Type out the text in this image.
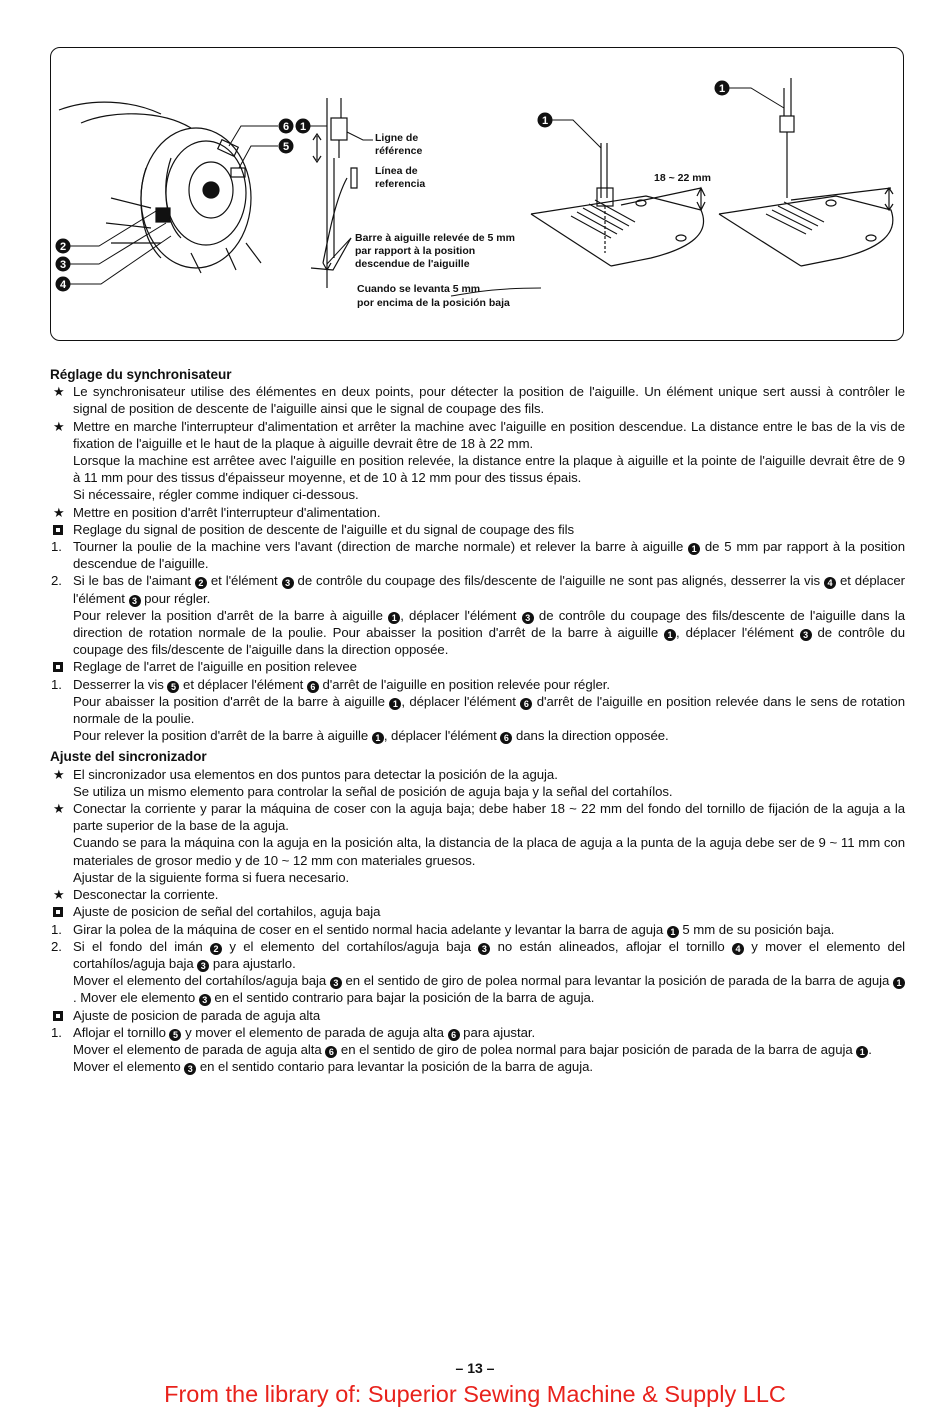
2
3
4
6
5
1
Ligne de
référence
Línea de
referencia
Barre à aiguille relevée de 5 mm
par rapport à la position
descendue de l'aiguille
Cuando se levanta 5 mm
por encima de la posición baja
1
1
18 ~ 22 mm

Réglage du synchronisateur

★ Le synchronisateur utilise des élémentes en deux points, pour détecter la position de l'aiguille. Un élément unique sert aussi à contrôler le signal de position de descente de l'aiguille ainsi que le signal de coupage des fils.

★ Mettre en marche l'interrupteur d'alimentation et arrêter la machine avec l'aiguille en position descendue. La distance entre le bas de la vis de fixation de l'aiguille et le haut de la plaque à aiguille devrait être de 18 à 22 mm.

Lorsque la machine est arrêtee avec l'aiguille en position relevée, la distance entre la plaque à aiguille et la pointe de l'aiguille devrait être de 9 à 11 mm pour des tissus d'épaisseur moyenne, et de 10 à 12 mm pour des tissus épais.

Si nécessaire, régler comme indiquer ci-dessous.

★ Mettre en position d'arrêt l'interrupteur d'alimentation.

Reglage du signal de position de descente de l'aiguille et du signal de coupage des fils

1. Tourner la poulie de la machine vers l'avant (direction de marche normale) et relever la barre à aiguille 1 de 5 mm par rapport à la position descendue de l'aiguille.

2. Si le bas de l'aimant 2 et l'élément 3 de contrôle du coupage des fils/descente de l'aiguille ne sont pas alignés, desserrer la vis 4 et déplacer l'élément 3 pour régler.

Pour relever la position d'arrêt de la barre à aiguille 1 , déplacer l'élément 3 de contrôle du coupage des fils/descente de l'aiguille dans la direction de rotation normale de la poulie. Pour abaisser la position d'arrêt de la barre à aiguille 1 , déplacer l'élément 3 de contrôle du coupage des fils/descente de l'aiguille dans la direction opposée.

Reglage de l'arret de l'aiguille en position relevee

1. Desserrer la vis 5 et déplacer l'élément 6 d'arrêt de l'aiguille en position relevée pour régler.

Pour abaisser la position d'arrêt de la barre à aiguille 1 , déplacer l'élément 6 d'arrêt de l'aiguille en position relevée dans le sens de rotation normale de la poulie.

Pour relever la position d'arrêt de la barre à aiguille 1 , déplacer l'élément 6 dans la direction opposée.

Ajuste del sincronizador

★ El sincronizador usa elementos en dos puntos para detectar la posición de la aguja.

Se utiliza un mismo elemento para controlar la señal de posición de aguja baja y la señal del cortahílos.

★ Conectar la corriente y parar la máquina de coser con la aguja baja; debe haber 18 ~ 22 mm del fondo del tornillo de fijación de la aguja a la parte superior de la base de la aguja.

Cuando se para la máquina con la aguja en la posición alta, la distancia de la placa de aguja a la punta de la aguja debe ser de 9 ~ 11 mm con materiales de grosor medio y de 10 ~ 12 mm con materiales gruesos.

Ajustar de la siguiente forma si fuera necesario.

★ Desconectar la corriente.

Ajuste de posicion de señal del cortahilos, aguja baja

1. Girar la polea de la máquina de coser en el sentido normal hacia adelante y levantar la barra de aguja 1 5 mm de su posición baja.

2. Si el fondo del imán 2 y el elemento del cortahílos/aguja baja 3 no están alineados, aflojar el tornillo 4 y mover el elemento del cortahílos/aguja baja 3 para ajustarlo.

Mover el elemento del cortahílos/aguja baja 3 en el sentido de giro de polea normal para levantar la posición de parada de la barra de aguja 1. Mover ele elemento 3 en el sentido contrario para bajar la posición de la barra de aguja.

Ajuste de posicion de parada de aguja alta

1. Aflojar el tornillo 5 y mover el elemento de parada de aguja alta 6 para ajustar.

Mover el elemento de parada de aguja alta 6 en el sentido de giro de polea normal para bajar posición de parada de la barra de aguja 1 .

Mover el elemento 3 en el sentido contario para levantar la posición de la barra de aguja.

– 13 –
From the library of: Superior Sewing Machine & Supply LLC
